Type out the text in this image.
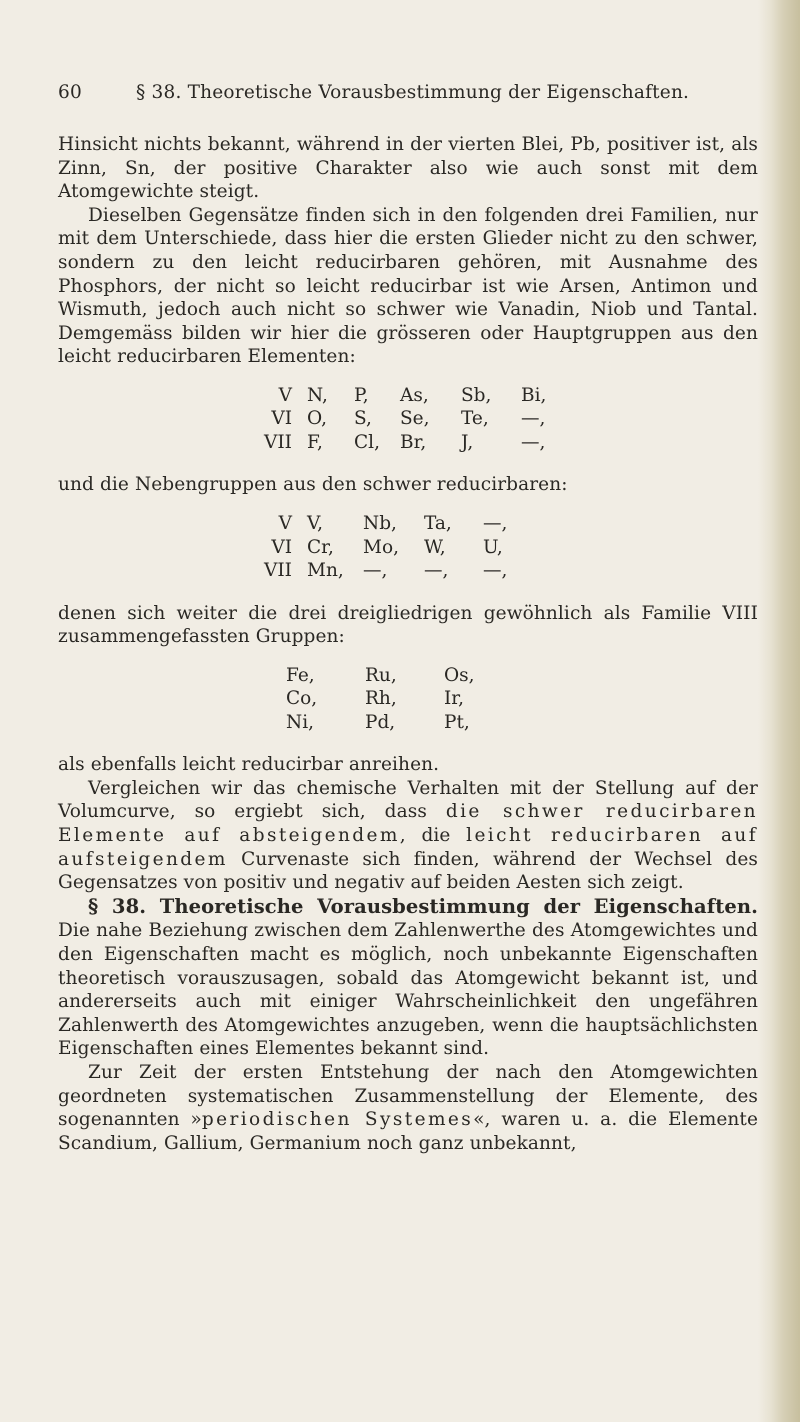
60	§ 38. Theoretische Vorausbestimmung der Eigenschaften.

Hinsicht nichts bekannt, während in der vierten Blei, Pb, positiver ist, als Zinn, Sn, der positive Charakter also wie auch sonst mit dem Atomgewichte steigt.

Dieselben Gegensätze finden sich in den folgenden drei Familien, nur mit dem Unterschiede, dass hier die ersten Glieder nicht zu den schwer, sondern zu den leicht reducirbaren gehören, mit Ausnahme des Phosphors, der nicht so leicht reducirbar ist wie Arsen, Antimon und Wismuth, jedoch auch nicht so schwer wie Vanadin, Niob und Tantal. Demgemäss bilden wir hier die grösseren oder Hauptgruppen aus den leicht reducirbaren Elementen:

V	N,	P,	As,	Sb,	Bi,
VI	O,	S,	Se,	Te,	—,
VII	F,	Cl,	Br,	J,	—,

und die Nebengruppen aus den schwer reducirbaren:

V	V,	Nb,	Ta,	—,
VI	Cr,	Mo,	W,	U,
VII	Mn,	—,	—,	—,

denen sich weiter die drei dreigliedrigen gewöhnlich als Familie VIII zusammengefassten Gruppen:

Fe,	Ru,	Os,
Co,	Rh,	Ir,
Ni,	Pd,	Pt,

als ebenfalls leicht reducirbar anreihen.

Vergleichen wir das chemische Verhalten mit der Stellung auf der Volumcurve, so ergiebt sich, dass die schwer reducirbaren Elemente auf absteigendem, die leicht reducirbaren auf aufsteigendem Curvenaste sich finden, während der Wechsel des Gegensatzes von positiv und negativ auf beiden Aesten sich zeigt.

§ 38. Theoretische Vorausbestimmung der Eigenschaften. Die nahe Beziehung zwischen dem Zahlenwerthe des Atomgewichtes und den Eigenschaften macht es möglich, noch unbekannte Eigenschaften theoretisch vorauszusagen, sobald das Atomgewicht bekannt ist, und andererseits auch mit einiger Wahrscheinlichkeit den ungefähren Zahlenwerth des Atomgewichtes anzugeben, wenn die hauptsächlichsten Eigenschaften eines Elementes bekannt sind.

Zur Zeit der ersten Entstehung der nach den Atomgewichten geordneten systematischen Zusammenstellung der Elemente, des sogenannten »periodischen Systemes«, waren u. a. die Elemente Scandium, Gallium, Germanium noch ganz unbekannt,
